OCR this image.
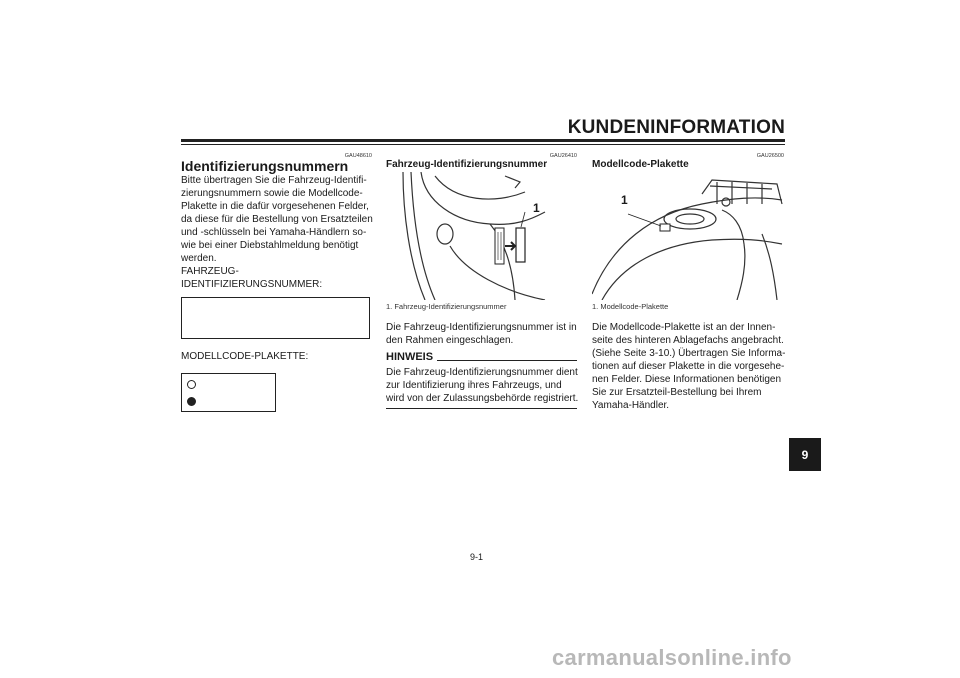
KUNDENINFORMATION
GAU48610
Identifizierungsnummern
Bitte übertragen Sie die Fahrzeug-Identifi-
zierungsnummern sowie die Modellcode-
Plakette in die dafür vorgesehenen Felder,
da diese für die Bestellung von Ersatzteilen
und -schlüsseln bei Yamaha-Händlern so-
wie bei einer Diebstahlmeldung benötigt
werden.
FAHRZEUG-
IDENTIFIZIERUNGSNUMMER:
MODELLCODE-PLAKETTE:
GAU26410
Fahrzeug-Identifizierungsnummer
1
1. Fahrzeug-Identifizierungsnummer
Die Fahrzeug-Identifizierungsnummer ist in
den Rahmen eingeschlagen.
HINWEIS
Die Fahrzeug-Identifizierungsnummer dient
zur Identifizierung ihres Fahrzeugs, und
wird von der Zulassungsbehörde registriert.
GAU26500
Modellcode-Plakette
1
1. Modellcode-Plakette
Die Modellcode-Plakette ist an der Innen-
seite des hinteren Ablagefachs angebracht.
(Siehe Seite 3-10.) Übertragen Sie Informa-
tionen auf dieser Plakette in die vorgesehe-
nen Felder. Diese Informationen benötigen
Sie zur Ersatzteil-Bestellung bei Ihrem
Yamaha-Händler.
9
9-1
carmanualsonline.info
